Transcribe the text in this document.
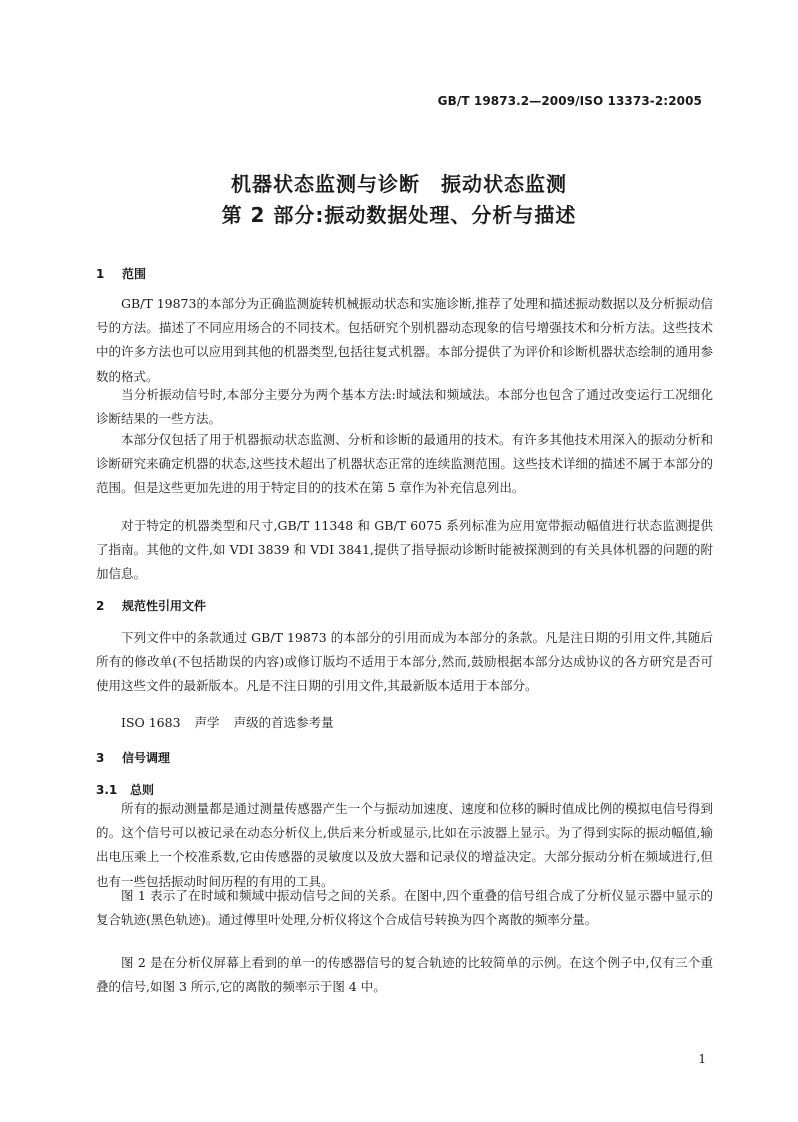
GB/T 19873.2—2009/ISO 13373-2:2005
机器状态监测与诊断　振动状态监测
第 2 部分:振动数据处理、分析与描述
1 范围

GB/T 19873的本部分为正确监测旋转机械振动状态和实施诊断,推荐了处理和描述振动数据以及分析振动信号的方法。描述了不同应用场合的不同技术。包括研究个别机器动态现象的信号增强技术和分析方法。这些技术中的许多方法也可以应用到其他的机器类型,包括往复式机器。本部分提供了为评价和诊断机器状态绘制的通用参数的格式。

当分析振动信号时,本部分主要分为两个基本方法:时域法和频域法。本部分也包含了通过改变运行工况细化诊断结果的一些方法。

本部分仅包括了用于机器振动状态监测、分析和诊断的最通用的技术。有许多其他技术用深入的振动分析和诊断研究来确定机器的状态,这些技术超出了机器状态正常的连续监测范围。这些技术详细的描述不属于本部分的范围。但是这些更加先进的用于特定目的的技术在第 5 章作为补充信息列出。

对于特定的机器类型和尺寸,GB/T 11348 和 GB/T 6075 系列标准为应用宽带振动幅值进行状态监测提供了指南。其他的文件,如 VDI 3839 和 VDI 3841,提供了指导振动诊断时能被探测到的有关具体机器的问题的附加信息。

2 规范性引用文件

下列文件中的条款通过 GB/T 19873 的本部分的引用而成为本部分的条款。凡是注日期的引用文件,其随后所有的修改单(不包括勘误的内容)或修订版均不适用于本部分,然而,鼓励根据本部分达成协议的各方研究是否可使用这些文件的最新版本。凡是不注日期的引用文件,其最新版本适用于本部分。

ISO 1683 声学 声级的首选参考量
3 信号调理
3.1 总则

所有的振动测量都是通过测量传感器产生一个与振动加速度、速度和位移的瞬时值成比例的模拟电信号得到的。这个信号可以被记录在动态分析仪上,供后来分析或显示,比如在示波器上显示。为了得到实际的振动幅值,输出电压乘上一个校准系数,它由传感器的灵敏度以及放大器和记录仪的增益决定。大部分振动分析在频域进行,但也有一些包括振动时间历程的有用的工具。

图 1 表示了在时域和频域中振动信号之间的关系。在图中,四个重叠的信号组合成了分析仪显示器中显示的复合轨迹(黑色轨迹)。通过傅里叶处理,分析仪将这个合成信号转换为四个离散的频率分量。

图 2 是在分析仪屏幕上看到的单一的传感器信号的复合轨迹的比较简单的示例。在这个例子中,仅有三个重叠的信号,如图 3 所示,它的离散的频率示于图 4 中。

1
